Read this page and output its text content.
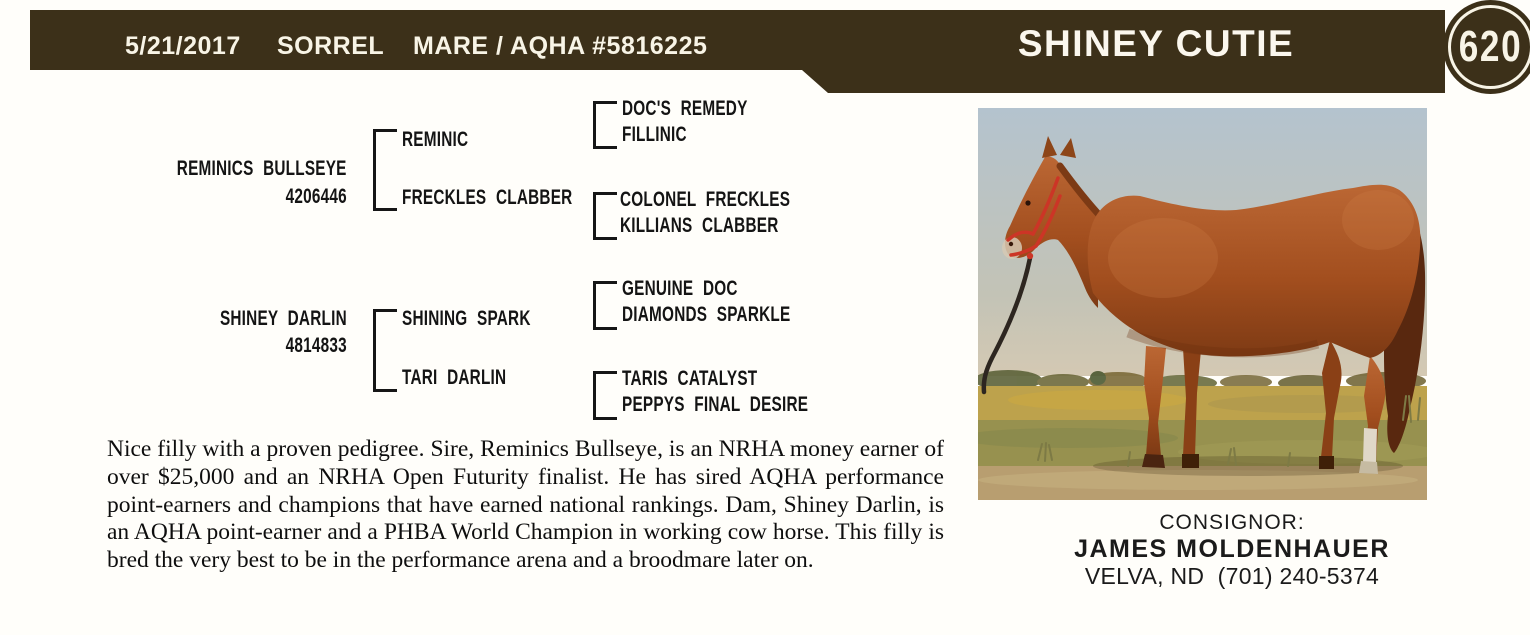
5/21/2017 SORREL MARE / AQHA #5816225	SHINEY CUTIE	620
REMINICS BULLSEYE
4206446
REMINIC
FRECKLES CLABBER
DOC'S REMEDY
FILLINIC
COLONEL FRECKLES
KILLIANS CLABBER
SHINEY DARLIN
4814833
SHINING SPARK
TARI DARLIN
GENUINE DOC
DIAMONDS SPARKLE
TARIS CATALYST
PEPPYS FINAL DESIRE
Nice filly with a proven pedigree. Sire, Reminics Bullseye, is an NRHA money earner of over $25,000 and an NRHA Open Futurity finalist. He has sired AQHA performance point-earners and champions that have earned national rankings. Dam, Shiney Darlin, is an AQHA point-earner and a PHBA World Champion in working cow horse. This filly is bred the very best to be in the performance arena and a broodmare later on.
CONSIGNOR:
JAMES MOLDENHAUER
VELVA, ND  (701) 240-5374
